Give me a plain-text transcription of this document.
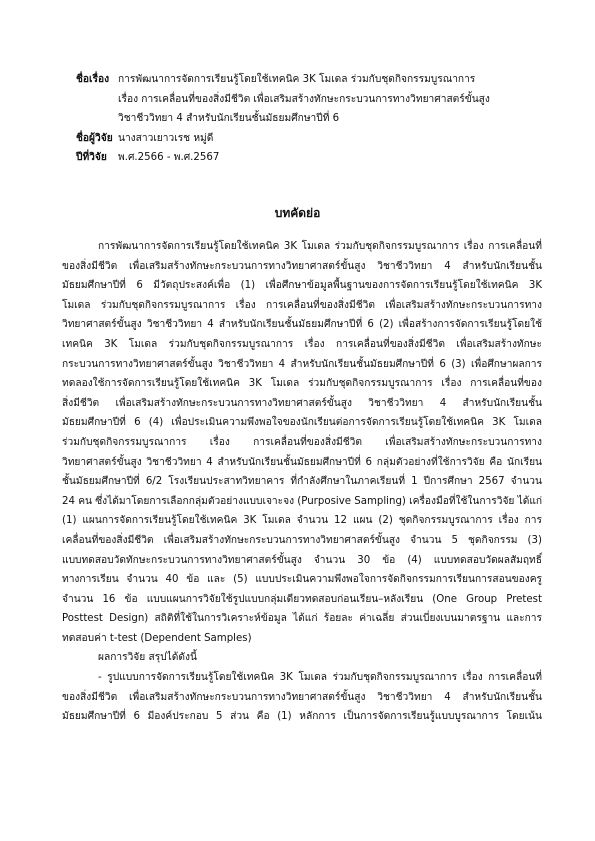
ชื่อเรื่อง การพัฒนาการจัดการเรียนรู้โดยใช้เทคนิค 3K โมเดล ร่วมกับชุดกิจกรรมบูรณาการ
เรื่อง การเคลื่อนที่ของสิ่งมีชีวิต เพื่อเสริมสร้างทักษะกระบวนการทางวิทยาศาสตร์ขั้นสูง
วิชาชีววิทยา 4 สำหรับนักเรียนชั้นมัธยมศึกษาปีที่ 6
ชื่อผู้วิจัย นางสาวเยาวเรช หมู่ดี
ปีที่วิจัย	พ.ศ.2566 - พ.ศ.2567
บทคัดย่อ
การพัฒนาการจัดการเรียนรู้โดยใช้เทคนิค 3K โมเดล ร่วมกับชุดกิจกรรมบูรณาการ เรื่อง การเคลื่อนที่
ของสิ่งมีชีวิต เพื่อเสริมสร้างทักษะกระบวนการทางวิทยาศาสตร์ขั้นสูง วิชาชีววิทยา 4 สำหรับนักเรียนชั้น
มัธยมศึกษาปีที่ 6 มีวัตถุประสงค์เพื่อ (1) เพื่อศึกษาข้อมูลพื้นฐานของการจัดการเรียนรู้โดยใช้เทคนิค 3K
โมเดล ร่วมกับชุดกิจกรรมบูรณาการ เรื่อง การเคลื่อนที่ของสิ่งมีชีวิต เพื่อเสริมสร้างทักษะกระบวนการทาง
วิทยาศาสตร์ขั้นสูง วิชาชีววิทยา 4 สำหรับนักเรียนชั้นมัธยมศึกษาปีที่ 6 (2) เพื่อสร้างการจัดการเรียนรู้โดยใช้
เทคนิค 3K โมเดล ร่วมกับชุดกิจกรรมบูรณาการ เรื่อง การเคลื่อนที่ของสิ่งมีชีวิต เพื่อเสริมสร้างทักษะ
กระบวนการทางวิทยาศาสตร์ขั้นสูง วิชาชีววิทยา 4 สำหรับนักเรียนชั้นมัธยมศึกษาปีที่ 6 (3) เพื่อศึกษาผลการ
ทดลองใช้การจัดการเรียนรู้โดยใช้เทคนิค 3K โมเดล ร่วมกับชุดกิจกรรมบูรณาการ เรื่อง การเคลื่อนที่ของ
สิ่งมีชีวิต เพื่อเสริมสร้างทักษะกระบวนการทางวิทยาศาสตร์ขั้นสูง วิชาชีววิทยา 4 สำหรับนักเรียนชั้น
มัธยมศึกษาปีที่ 6 (4) เพื่อประเมินความพึงพอใจของนักเรียนต่อการจัดการเรียนรู้โดยใช้เทคนิค 3K โมเดล
ร่วมกับชุดกิจกรรมบูรณาการ เรื่อง การเคลื่อนที่ของสิ่งมีชีวิต เพื่อเสริมสร้างทักษะกระบวนการทาง
วิทยาศาสตร์ขั้นสูง วิชาชีววิทยา 4 สำหรับนักเรียนชั้นมัธยมศึกษาปีที่ 6 กลุ่มตัวอย่างที่ใช้การวิจัย คือ นักเรียน
ชั้นมัธยมศึกษาปีที่ 6/2 โรงเรียนประสาทวิทยาคาร ที่กำลังศึกษาในภาคเรียนที่ 1 ปีการศึกษา 2567 จำนวน
24 คน ซึ่งได้มาโดยการเลือกกลุ่มตัวอย่างแบบเจาะจง (Purposive Sampling) เครื่องมือที่ใช้ในการวิจัย ได้แก่
(1) แผนการจัดการเรียนรู้โดยใช้เทคนิค 3K โมเดล จำนวน 12 แผน (2) ชุดกิจกรรมบูรณาการ เรื่อง การ
เคลื่อนที่ของสิ่งมีชีวิต เพื่อเสริมสร้างทักษะกระบวนการทางวิทยาศาสตร์ขั้นสูง จำนวน 5 ชุดกิจกรรม (3)
แบบทดสอบวัดทักษะกระบวนการทางวิทยาศาสตร์ขั้นสูง จำนวน 30 ข้อ (4) แบบทดสอบวัดผลสัมฤทธิ์
ทางการเรียน จำนวน 40 ข้อ และ (5) แบบประเมินความพึงพอใจการจัดกิจกรรมการเรียนการสอนของครู
จำนวน 16 ข้อ แบบแผนการวิจัยใช้รูปแบบกลุ่มเดียวทดสอบก่อนเรียน–หลังเรียน (One Group Pretest
Posttest Design) สถิติที่ใช้ในการวิเคราะห์ข้อมูล ได้แก่ ร้อยละ ค่าเฉลี่ย ส่วนเบี่ยงเบนมาตรฐาน และการ
ทดสอบค่า t-test (Dependent Samples)
ผลการวิจัย สรุปได้ดังนี้
- รูปแบบการจัดการเรียนรู้โดยใช้เทคนิค 3K โมเดล ร่วมกับชุดกิจกรรมบูรณาการ เรื่อง การเคลื่อนที่
ของสิ่งมีชีวิต เพื่อเสริมสร้างทักษะกระบวนการทางวิทยาศาสตร์ขั้นสูง วิชาชีววิทยา 4 สำหรับนักเรียนชั้น
มัธยมศึกษาปีที่ 6 มีองค์ประกอบ 5 ส่วน คือ (1) หลักการ เป็นการจัดการเรียนรู้แบบบูรณาการ โดยเน้น
